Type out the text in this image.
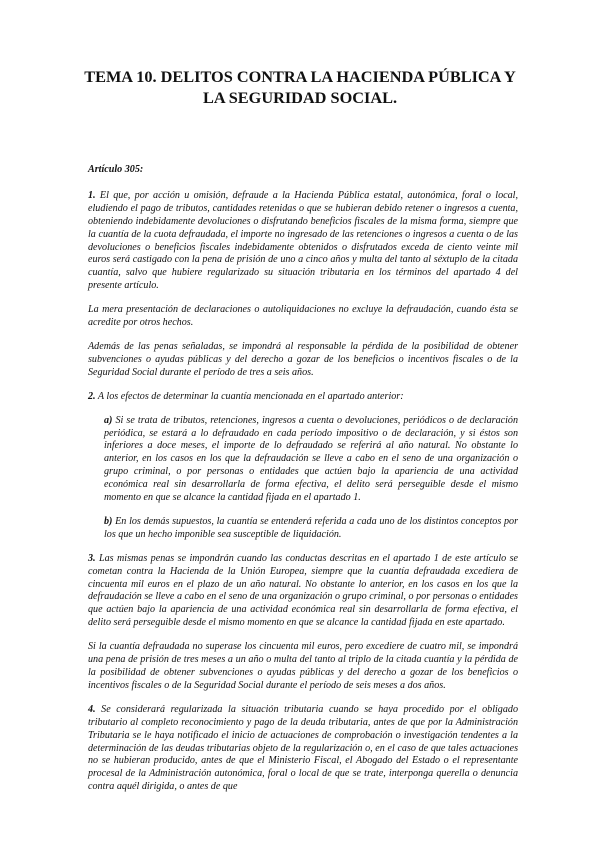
TEMA 10. DELITOS CONTRA LA HACIENDA PÚBLICA Y
LA SEGURIDAD SOCIAL.

Artículo 305:

1. El que, por acción u omisión, defraude a la Hacienda Pública estatal, autonómica, foral o local, eludiendo el pago de tributos, cantidades retenidas o que se hubieran debido retener o ingresos a cuenta, obteniendo indebidamente devoluciones o disfrutando beneficios fiscales de la misma forma, siempre que la cuantía de la cuota defraudada, el importe no ingresado de las retenciones o ingresos a cuenta o de las devoluciones o beneficios fiscales indebidamente obtenidos o disfrutados exceda de ciento veinte mil euros será castigado con la pena de prisión de uno a cinco años y multa del tanto al séxtuplo de la citada cuantía, salvo que hubiere regularizado su situación tributaria en los términos del apartado 4 del presente artículo.

La mera presentación de declaraciones o autoliquidaciones no excluye la defraudación, cuando ésta se acredite por otros hechos.

Además de las penas señaladas, se impondrá al responsable la pérdida de la posibilidad de obtener subvenciones o ayudas públicas y del derecho a gozar de los beneficios o incentivos fiscales o de la Seguridad Social durante el período de tres a seis años.

2. A los efectos de determinar la cuantía mencionada en el apartado anterior:

a) Si se trata de tributos, retenciones, ingresos a cuenta o devoluciones, periódicos o de declaración periódica, se estará a lo defraudado en cada período impositivo o de declaración, y si éstos son inferiores a doce meses, el importe de lo defraudado se referirá al año natural. No obstante lo anterior, en los casos en los que la defraudación se lleve a cabo en el seno de una organización o grupo criminal, o por personas o entidades que actúen bajo la apariencia de una actividad económica real sin desarrollarla de forma efectiva, el delito será perseguible desde el mismo momento en que se alcance la cantidad fijada en el apartado 1.

b) En los demás supuestos, la cuantía se entenderá referida a cada uno de los distintos conceptos por los que un hecho imponible sea susceptible de liquidación.

3. Las mismas penas se impondrán cuando las conductas descritas en el apartado 1 de este artículo se cometan contra la Hacienda de la Unión Europea, siempre que la cuantía defraudada excediera de cincuenta mil euros en el plazo de un año natural. No obstante lo anterior, en los casos en los que la defraudación se lleve a cabo en el seno de una organización o grupo criminal, o por personas o entidades que actúen bajo la apariencia de una actividad económica real sin desarrollarla de forma efectiva, el delito será perseguible desde el mismo momento en que se alcance la cantidad fijada en este apartado.

Si la cuantía defraudada no superase los cincuenta mil euros, pero excediere de cuatro mil, se impondrá una pena de prisión de tres meses a un año o multa del tanto al triplo de la citada cuantía y la pérdida de la posibilidad de obtener subvenciones o ayudas públicas y del derecho a gozar de los beneficios o incentivos fiscales o de la Seguridad Social durante el período de seis meses a dos años.

4. Se considerará regularizada la situación tributaria cuando se haya procedido por el obligado tributario al completo reconocimiento y pago de la deuda tributaria, antes de que por la Administración Tributaria se le haya notificado el inicio de actuaciones de comprobación o investigación tendentes a la determinación de las deudas tributarias objeto de la regularización o, en el caso de que tales actuaciones no se hubieran producido, antes de que el Ministerio Fiscal, el Abogado del Estado o el representante procesal de la Administración autonómica, foral o local de que se trate, interponga querella o denuncia contra aquél dirigida, o antes de que
